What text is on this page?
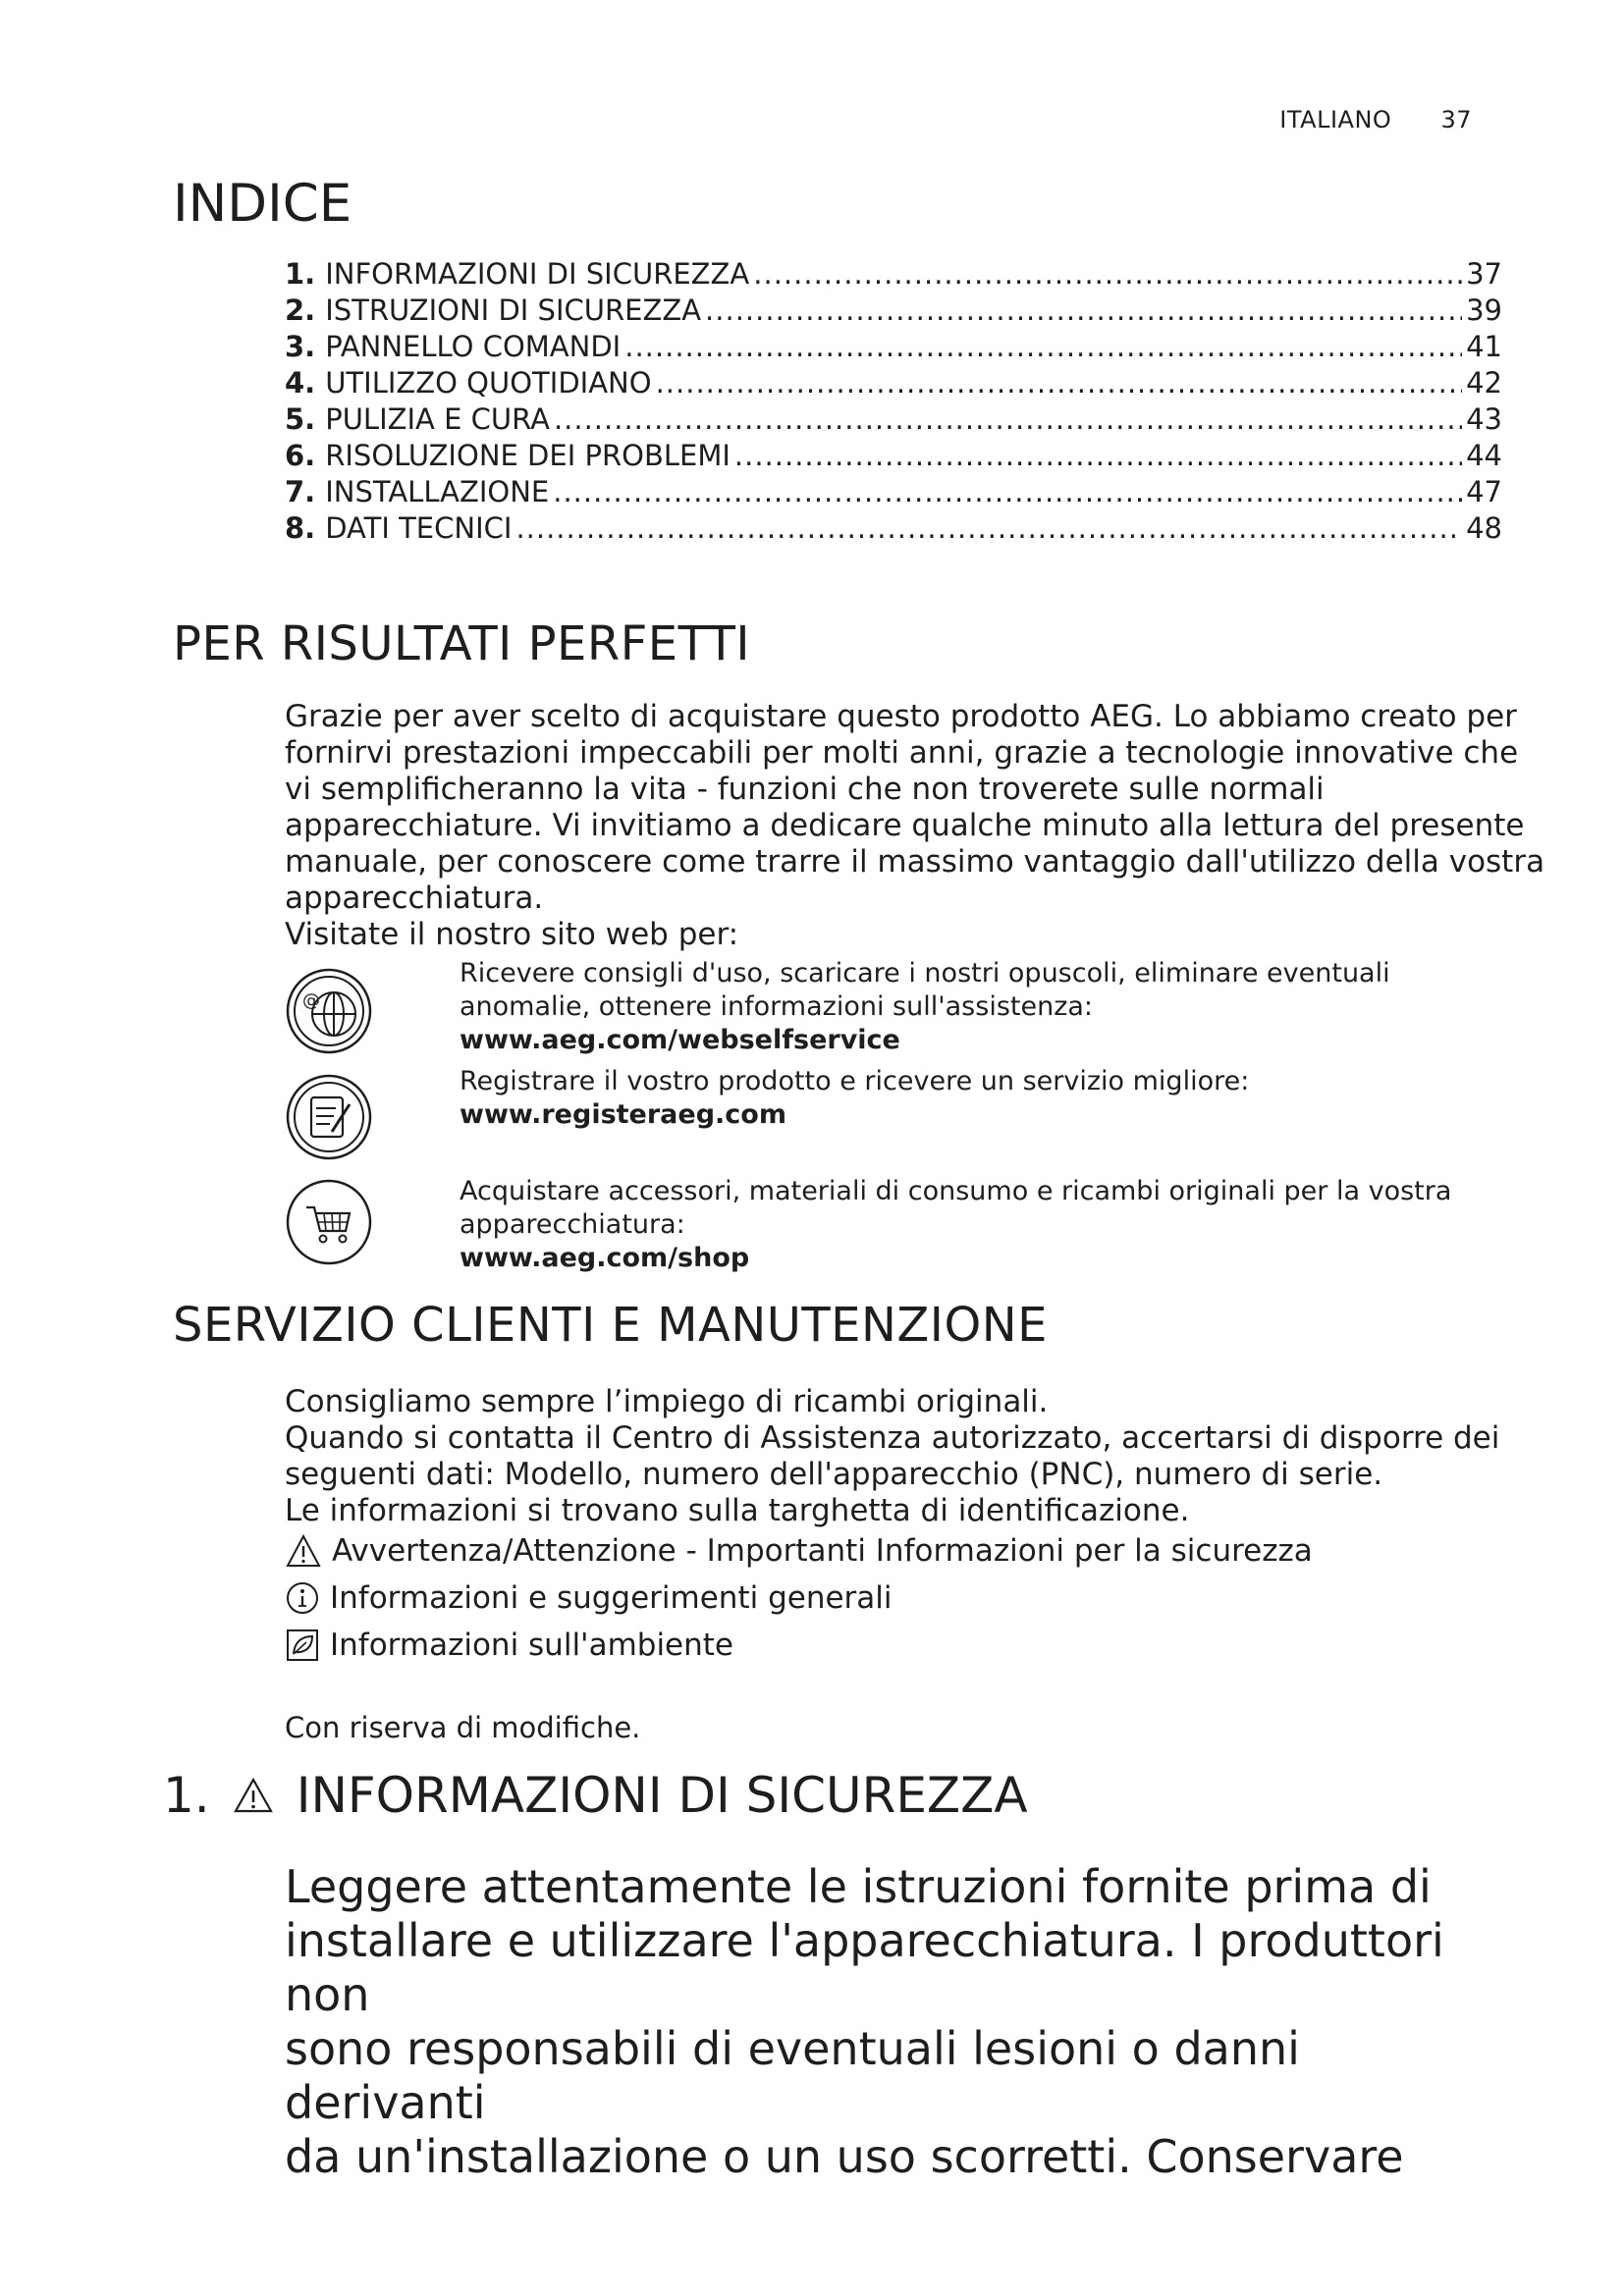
ITALIANO 37
INDICE
1. INFORMAZIONI DI SICUREZZA .....	37
2. ISTRUZIONI DI SICUREZZA .....	39
3. PANNELLO COMANDI .....	41
4. UTILIZZO QUOTIDIANO .....	42
5. PULIZIA E CURA .....	43
6. RISOLUZIONE DEI PROBLEMI .....	44
7. INSTALLAZIONE .....	47
8. DATI TECNICI .....	48
PER RISULTATI PERFETTI

Grazie per aver scelto di acquistare questo prodotto AEG. Lo abbiamo creato per
fornirvi prestazioni impeccabili per molti anni, grazie a tecnologie innovative che
vi semplificheranno la vita - funzioni che non troverete sulle normali
apparecchiature. Vi invitiamo a dedicare qualche minuto alla lettura del presente
manuale, per conoscere come trarre il massimo vantaggio dall'utilizzo della vostra
apparecchiatura.
Visitate il nostro sito web per:

@
Ricevere consigli d'uso, scaricare i nostri opuscoli, eliminare eventuali
anomalie, ottenere informazioni sull'assistenza:
www.aeg.com/webselfservice
Registrare il vostro prodotto e ricevere un servizio migliore:
www.registeraeg.com
Acquistare accessori, materiali di consumo e ricambi originali per la vostra
apparecchiatura:
www.aeg.com/shop
SERVIZIO CLIENTI E MANUTENZIONE

Consigliamo sempre l’impiego di ricambi originali.
Quando si contatta il Centro di Assistenza autorizzato, accertarsi di disporre dei
seguenti dati: Modello, numero dell'apparecchio (PNC), numero di serie.
Le informazioni si trovano sulla targhetta di identificazione.

Avvertenza/Attenzione - Importanti Informazioni per la sicurezza
Informazioni e suggerimenti generali
Informazioni sull'ambiente

Con riserva di modifiche.

1. INFORMAZIONI DI SICUREZZA

Leggere attentamente le istruzioni fornite prima di
installare e utilizzare l'apparecchiatura. I produttori non
sono responsabili di eventuali lesioni o danni derivanti
da un'installazione o un uso scorretti. Conservare
